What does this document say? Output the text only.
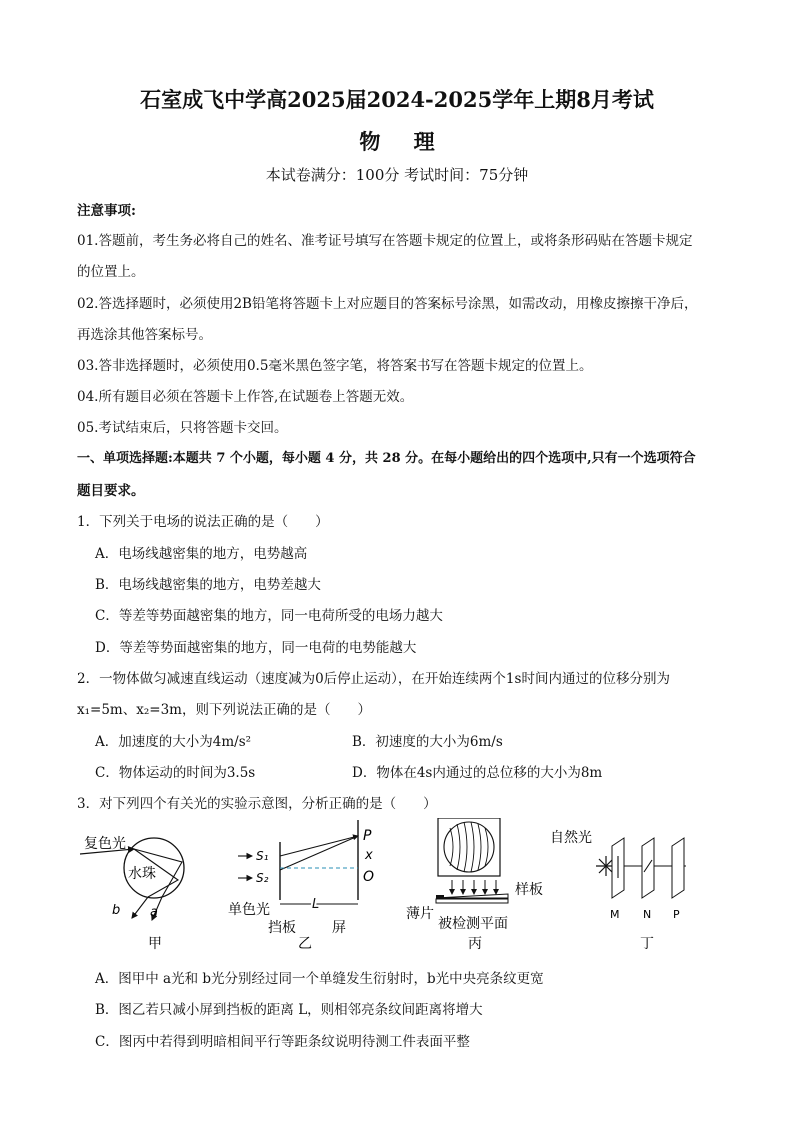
石室成飞中学高2025届2024-2025学年上期8月考试
物 理
本试卷满分：100分 考试时间：75分钟
注意事项:
01.答题前，考生务必将自己的姓名、准考证号填写在答题卡规定的位置上，或将条形码贴在答题卡规定
的位置上。
02.答选择题时，必须使用2B铅笔将答题卡上对应题目的答案标号涂黑，如需改动，用橡皮擦擦干净后，
再选涂其他答案标号。
03.答非选择题时，必须使用0.5毫米黑色签字笔，将答案书写在答题卡规定的位置上。
04.所有题目必须在答题卡上作答,在试题卷上答题无效。
05.考试结束后，只将答题卡交回。
一、单项选择题:本题共 7 个小题，每小题 4 分，共 28 分。在每小题给出的四个选项中,只有一个选项符合
题目要求。
1．下列关于电场的说法正确的是（　　）
A．电场线越密集的地方，电势越高
B．电场线越密集的地方，电势差越大
C．等差等势面越密集的地方，同一电荷所受的电场力越大
D．等差等势面越密集的地方，同一电荷的电势能越大
2．一物体做匀减速直线运动（速度减为0后停止运动），在开始连续两个1s时间内通过的位移分别为
x₁=5m、x₂=3m，则下列说法正确的是（　　）
A．加速度的大小为4m/s²	B．初速度的大小为6m/s
C．物体运动的时间为3.5s	D．物体在4s内通过的总位移的大小为8m
3．对下列四个有关光的实验示意图，分析正确的是（　　）
复色光
水珠
b a
甲
S₁
S₂
L
P
x
O
单色光
挡板	屏
乙
薄片
样板
被检测平面
丙
自然光
M N P
丁
A．图甲中 a光和 b光分别经过同一个单缝发生衍射时，b光中央亮条纹更宽
B．图乙若只减小屏到挡板的距离 L，则相邻亮条纹间距离将增大
C．图丙中若得到明暗相间平行等距条纹说明待测工件表面平整
